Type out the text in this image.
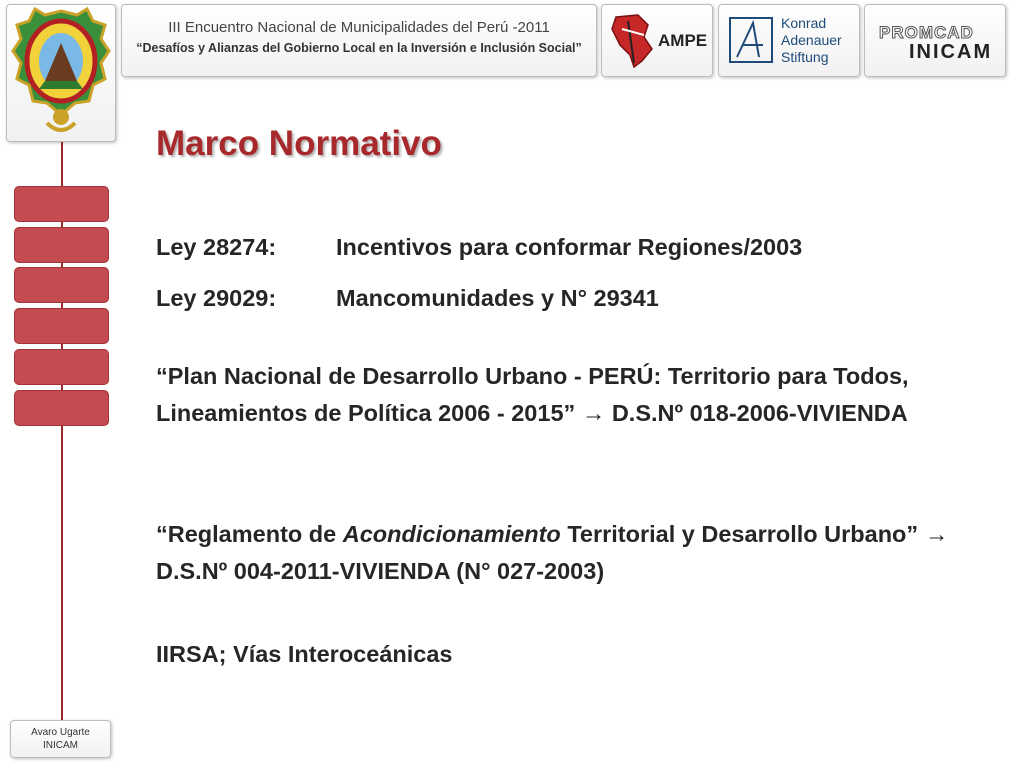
III Encuentro Nacional de Municipalidades del Perú -2011
“Desafíos y Alianzas del Gobierno Local en la Inversión e Inclusión Social”	AMPE
Konrad
Adenauer
Stiftung
PROMCAD
INICAM
Marco Normativo
Ley 28274:	Incentivos para conformar Regiones/2003
Ley 29029:	Mancomunidades y N° 29341
“Plan Nacional de Desarrollo Urbano - PERÚ: Territorio para Todos, Lineamientos de Política 2006 - 2015” → D.S.Nº 018-2006-VIVIENDA
“Reglamento de Acondicionamiento Territorial y Desarrollo Urbano” → D.S.Nº 004-2011-VIVIENDA (N° 027-2003)
IIRSA; Vías Interoceánicas
Avaro Ugarte
INICAM
